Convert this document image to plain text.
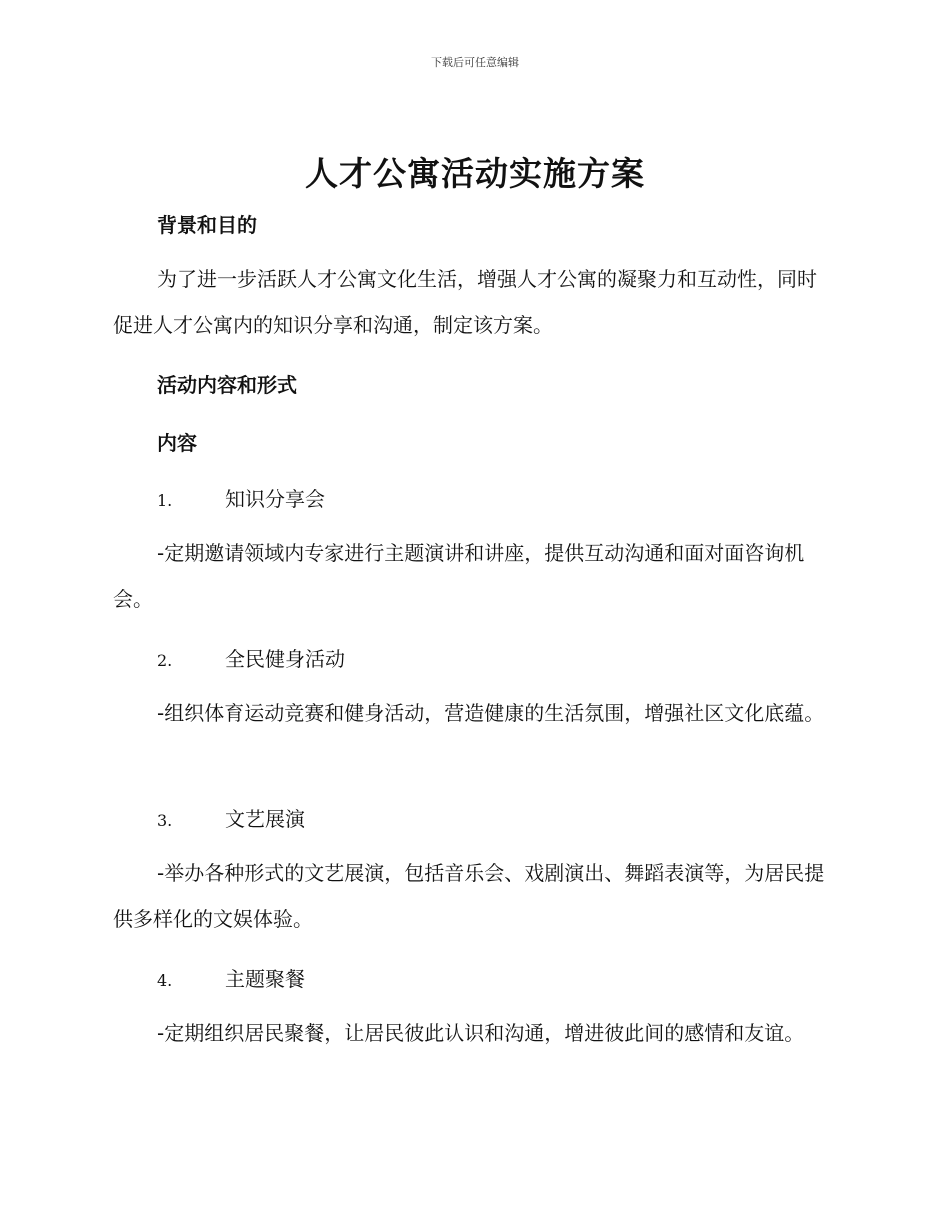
下载后可任意编辑
人才公寓活动实施方案
背景和目的

为了进一步活跃人才公寓文化生活，增强人才公寓的凝聚力和互动性，同时促进人才公寓内的知识分享和沟通，制定该方案。

活动内容和形式
内容
1.	知识分享会

-定期邀请领域内专家进行主题演讲和讲座，提供互动沟通和面对面咨询机会。

2.	全民健身活动

-组织体育运动竞赛和健身活动，营造健康的生活氛围，增强社区文化底蕴。

3.	文艺展演

-举办各种形式的文艺展演，包括音乐会、戏剧演出、舞蹈表演等，为居民提供多样化的文娱体验。

4.	主题聚餐

-定期组织居民聚餐，让居民彼此认识和沟通，增进彼此间的感情和友谊。
